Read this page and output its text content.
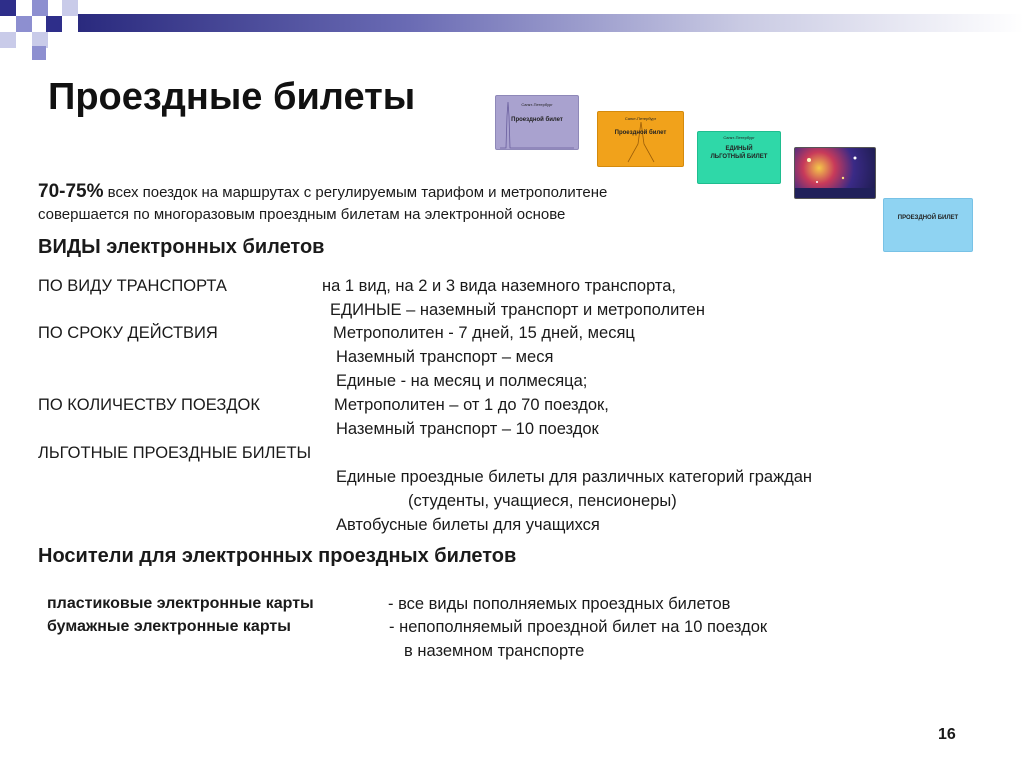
Проездные билеты	Санкт-Петербург
Проездной билет	Санкт-Петербург
Проездной билет
Санкт-Петербург
ЕДИНЫЙ
ЛЬГОТНЫЙ БИЛЕТ
ПРОЕЗДНОЙ БИЛЕТ
70-75% всех поездок на маршрутах с регулируемым тарифом и метрополитене
совершается по многоразовым проездным билетам на электронной основе
ВИДЫ электронных билетов
ПО ВИДУ ТРАНСПОРТА	на 1 вид, на 2 и 3 вида наземного транспорта,
ЕДИНЫЕ – наземный транспорт и метрополитен
ПО СРОКУ ДЕЙСТВИЯ	Метрополитен - 7 дней, 15 дней, месяц
Наземный транспорт – меся
Единые - на месяц и полмесяца;
ПО КОЛИЧЕСТВУ ПОЕЗДОК	Метрополитен – от 1 до 70 поездок,
Наземный транспорт – 10 поездок
ЛЬГОТНЫЕ ПРОЕЗДНЫЕ БИЛЕТЫ
Единые проездные билеты для различных категорий граждан
(студенты, учащиеся, пенсионеры)
Автобусные билеты для учащихся
Носители для электронных проездных билетов
пластиковые электронные карты	- все виды пополняемых проездных билетов
бумажные электронные карты	- непополняемый проездной билет на 10 поездок
в наземном транспорте
16
